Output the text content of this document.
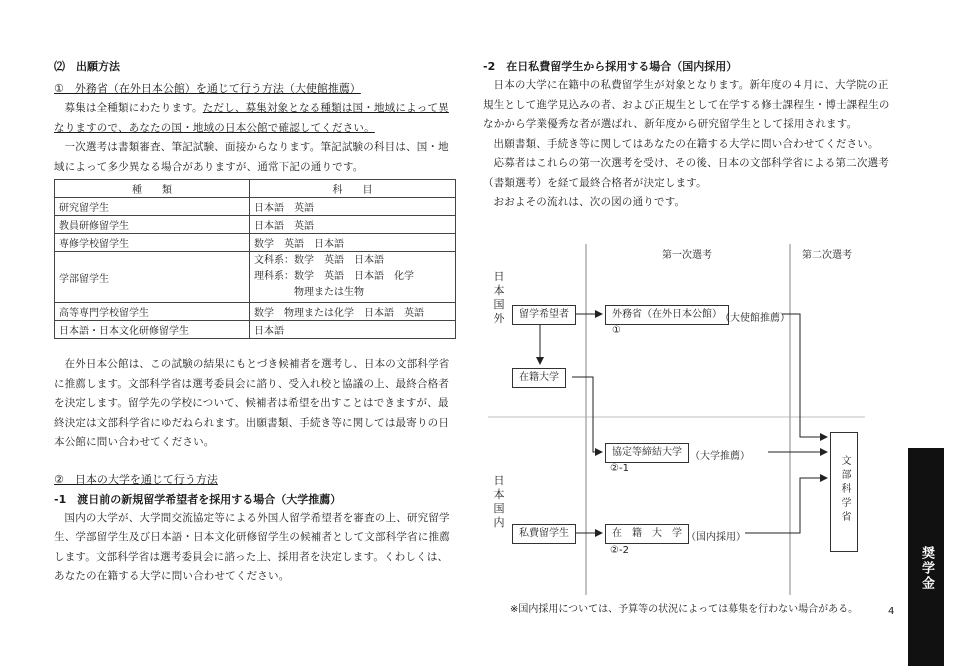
⑵　出願方法

①　外務省（在外日本公館）を通じて行う方法（大使館推薦）

募集は全種類にわたります。ただし、募集対象となる種類は国・地域によって異なりますので、あなたの国・地域の日本公館で確認してください。

一次選考は書類審査、筆記試験、面接からなります。筆記試験の科目は、国・地域によって多少異なる場合がありますが、通常下記の通りです。

種　　類	科　　目
研究留学生	日本語　英語
教員研修留学生	日本語　英語
専修学校留学生	数学　英語　日本語
学部留学生	文科系：数学　英語　日本語
理科系：数学　英語　日本語　化学
　　　　物理または生物

高等専門学校留学生	数学　物理または化学　日本語　英語
日本語・日本文化研修留学生	日本語

在外日本公館は、この試験の結果にもとづき候補者を選考し、日本の文部科学省に推薦します。文部科学省は選考委員会に諮り、受入れ校と協議の上、最終合格者を決定します。留学先の学校について、候補者は希望を出すことはできますが、最終決定は文部科学省にゆだねられます。出願書類、手続き等に関しては最寄りの日本公館に問い合わせてください。

②　日本の大学を通じて行う方法

-1　渡日前の新規留学希望者を採用する場合（大学推薦）

国内の大学が、大学間交流協定等による外国人留学希望者を審査の上、研究留学生、学部留学生及び日本語・日本文化研修留学生の候補者として文部科学省に推薦します。文部科学省は選考委員会に諮った上、採用者を決定します。くわしくは、あなたの在籍する大学に問い合わせてください。

-2　在日私費留学生から採用する場合（国内採用）

日本の大学に在籍中の私費留学生が対象となります。新年度の４月に、大学院の正規生として進学見込みの者、および正規生として在学する修士課程生・博士課程生のなかから学業優秀な者が選ばれ、新年度から研究留学生として採用されます。

出願書類、手続き等に関してはあなたの在籍する大学に問い合わせてください。

応募者はこれらの第一次選考を受け、その後、日本の文部科学省による第二次選考（書類選考）を経て最終合格者が決定します。

おおよその流れは、次の図の通りです。

第一次選考	第二次選考
日本国外
日本国内
留学希望者	外務省（在外日本公館）
（大使館推薦）
①
在籍大学
協定等締結大学 （大学推薦）
②-1
私費留学生	在　籍　大　学 （国内採用）
②-2
文部科学省
※国内採用については、予算等の状況によっては募集を行わない場合がある。	4	Ⅰ　日本政府（文部科学省）奨学金
